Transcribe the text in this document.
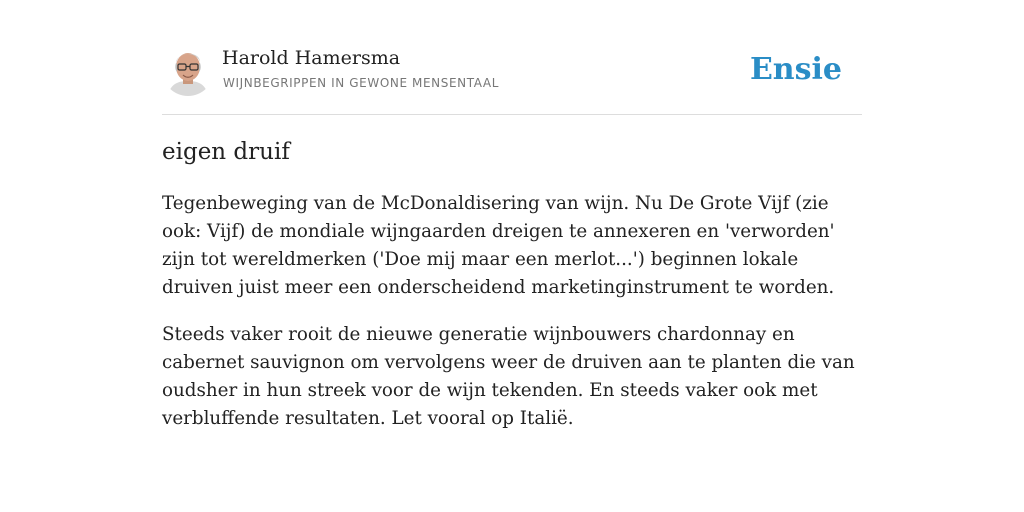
Harold Hamersma
WIJNBEGRIPPEN IN GEWONE MENSENTAAL	Ensie
eigen druif

Tegenbeweging van de McDonaldisering van wijn. Nu De Grote Vijf (zie ook: Vijf) de mondiale wijngaarden dreigen te annexeren en 'verworden' zijn tot wereldmerken ('Doe mij maar een merlot...') beginnen lokale druiven juist meer een onderscheidend marketinginstrument te worden.

Steeds vaker rooit de nieuwe generatie wijnbouwers chardonnay en cabernet sauvignon om vervolgens weer de druiven aan te planten die van oudsher in hun streek voor de wijn tekenden. En steeds vaker ook met verbluffende resultaten. Let vooral op Italië.
